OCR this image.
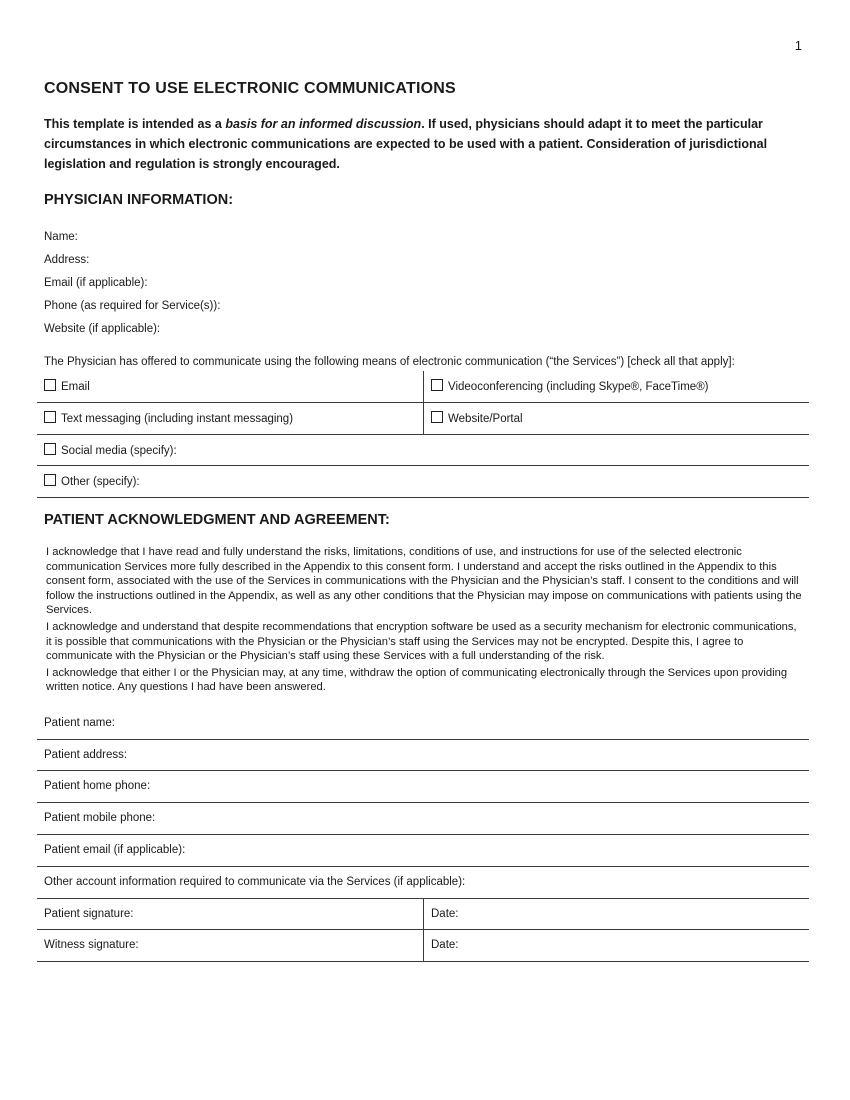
1
CONSENT TO USE ELECTRONIC COMMUNICATIONS
This template is intended as a basis for an informed discussion. If used, physicians should adapt it to meet the particular circumstances in which electronic communications are expected to be used with a patient. Consideration of jurisdictional legislation and regulation is strongly encouraged.
PHYSICIAN INFORMATION:
Name:
Address:
Email (if applicable):
Phone (as required for Service(s)):
Website (if applicable):
The Physician has offered to communicate using the following means of electronic communication (“the Services”) [check all that apply]:
Email	Videoconferencing (including Skype®, FaceTime®)
Text messaging (including instant messaging)	Website/Portal
Social media (specify):	
Other (specify):	
PATIENT ACKNOWLEDGMENT AND AGREEMENT:

I acknowledge that I have read and fully understand the risks, limitations, conditions of use, and instructions for use of the selected electronic communication Services more fully described in the Appendix to this consent form. I understand and accept the risks outlined in the Appendix to this consent form, associated with the use of the Services in communications with the Physician and the Physician’s staff. I consent to the conditions and will follow the instructions outlined in the Appendix, as well as any other conditions that the Physician may impose on communications with patients using the Services.

I acknowledge and understand that despite recommendations that encryption software be used as a security mechanism for electronic communications, it is possible that communications with the Physician or the Physician’s staff using the Services may not be encrypted. Despite this, I agree to communicate with the Physician or the Physician’s staff using these Services with a full understanding of the risk.

I acknowledge that either I or the Physician may, at any time, withdraw the option of communicating electronically through the Services upon providing written notice. Any questions I had have been answered.

Patient name:	
Patient address:	
Patient home phone:	
Patient mobile phone:	
Patient email (if applicable):	
Other account information required to communicate via the Services (if applicable):	
Patient signature:	Date:
Witness signature:	Date:
